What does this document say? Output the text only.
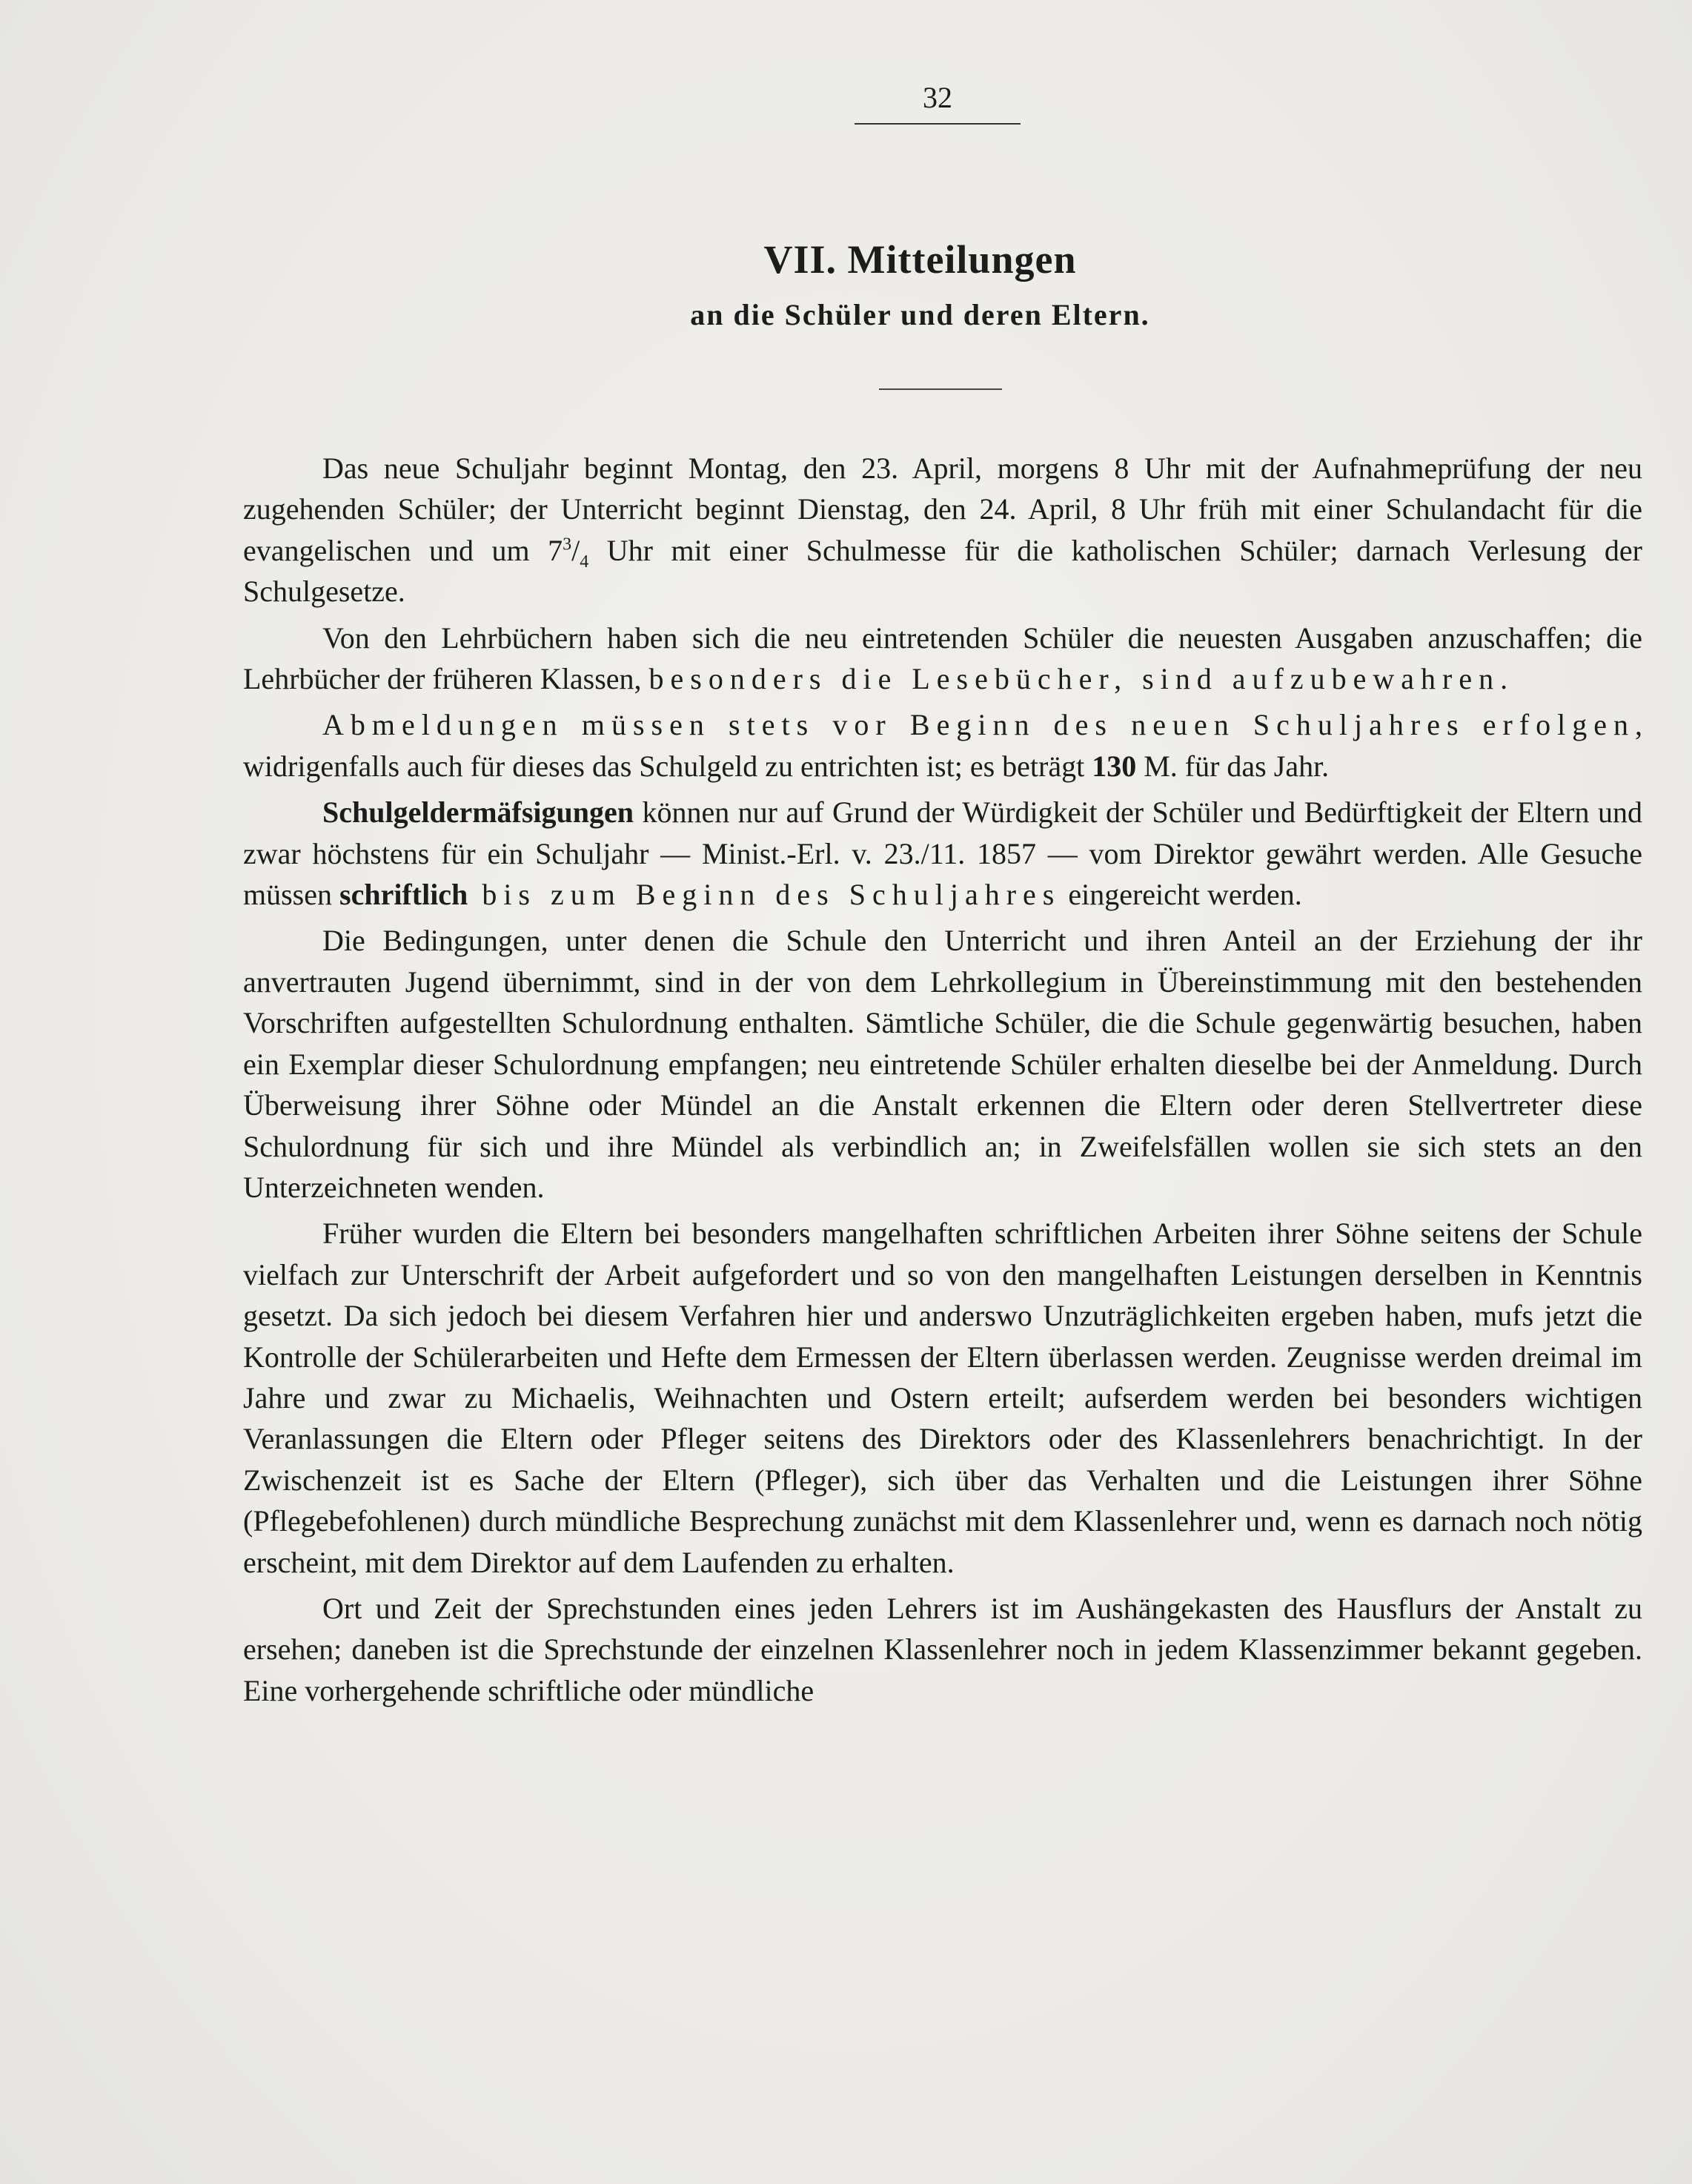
32
VII. Mitteilungen
an die Schüler und deren Eltern.

Das neue Schuljahr beginnt Montag, den 23. April, morgens 8 Uhr mit der Aufnahmeprüfung der neu zugehenden Schüler; der Unterricht beginnt Dienstag, den 24. April, 8 Uhr früh mit einer Schulandacht für die evangelischen und um $7^3/_4$ Uhr mit einer Schulmesse für die katholischen Schüler; darnach Verlesung der Schulgesetze.

Von den Lehrbüchern haben sich die neu eintretenden Schüler die neuesten Ausgaben anzuschaffen; die Lehrbücher der früheren Klassen, besonders die Lesebücher, sind aufzubewahren.

Abmeldungen müssen stets vor Beginn des neuen Schuljahres erfolgen, widrigenfalls auch für dieses das Schulgeld zu entrichten ist; es beträgt 130 M. für das Jahr.

Schulgeldermäfsigungen können nur auf Grund der Würdigkeit der Schüler und Bedürftigkeit der Eltern und zwar höchstens für ein Schuljahr — Minist.-Erl. v. 23./11. 1857 — vom Direktor gewährt werden. Alle Gesuche müssen schriftlich bis zum Beginn des Schuljahres eingereicht werden.

Die Bedingungen, unter denen die Schule den Unterricht und ihren Anteil an der Erziehung der ihr anvertrauten Jugend übernimmt, sind in der von dem Lehrkollegium in Übereinstimmung mit den bestehenden Vorschriften aufgestellten Schulordnung enthalten. Sämtliche Schüler, die die Schule gegenwärtig besuchen, haben ein Exemplar dieser Schulordnung empfangen; neu eintretende Schüler erhalten dieselbe bei der Anmeldung. Durch Überweisung ihrer Söhne oder Mündel an die Anstalt erkennen die Eltern oder deren Stellvertreter diese Schulordnung für sich und ihre Mündel als verbindlich an; in Zweifelsfällen wollen sie sich stets an den Unterzeichneten wenden.

Früher wurden die Eltern bei besonders mangelhaften schriftlichen Arbeiten ihrer Söhne seitens der Schule vielfach zur Unterschrift der Arbeit aufgefordert und so von den mangelhaften Leistungen derselben in Kenntnis gesetzt. Da sich jedoch bei diesem Verfahren hier und anderswo Unzuträglichkeiten ergeben haben, mufs jetzt die Kontrolle der Schülerarbeiten und Hefte dem Ermessen der Eltern überlassen werden. Zeugnisse werden dreimal im Jahre und zwar zu Michaelis, Weihnachten und Ostern erteilt; aufserdem werden bei besonders wichtigen Veranlassungen die Eltern oder Pfleger seitens des Direktors oder des Klassenlehrers benachrichtigt. In der Zwischenzeit ist es Sache der Eltern (Pfleger), sich über das Verhalten und die Leistungen ihrer Söhne (Pflegebefohlenen) durch mündliche Besprechung zunächst mit dem Klassenlehrer und, wenn es darnach noch nötig erscheint, mit dem Direktor auf dem Laufenden zu erhalten.

Ort und Zeit der Sprechstunden eines jeden Lehrers ist im Aushängekasten des Hausflurs der Anstalt zu ersehen; daneben ist die Sprechstunde der einzelnen Klassenlehrer noch in jedem Klassenzimmer bekannt gegeben. Eine vorhergehende schriftliche oder mündliche
